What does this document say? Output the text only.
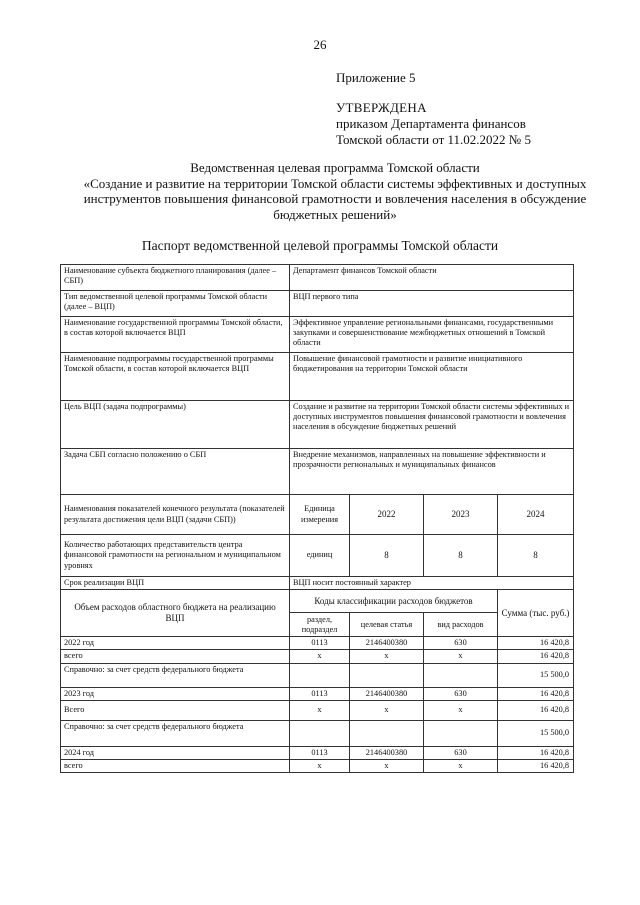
26
Приложение 5
УТВЕРЖДЕНА
приказом Департамента финансов
Томской области от 11.02.2022 № 5
Ведомственная целевая программа Томской области
«Создание и развитие на территории Томской области системы эффективных и доступных
инструментов повышения финансовой грамотности и вовлечения населения в обсуждение
бюджетных решений»
Паспорт ведомственной целевой программы Томской области
Наименование субъекта бюджетного планирования (далее – СБП)	Департамент финансов Томской области			
Тип ведомственной целевой программы Томской области (далее – ВЦП)	ВЦП первого типа			
Наименование государственной программы Томской области, в состав которой включается ВЦП	Эффективное управление региональными финансами, государственными закупками и совершенствование межбюджетных отношений в Томской области			
Наименование подпрограммы государственной программы Томской области, в состав которой включается ВЦП	Повышение финансовой грамотности и развитие инициативного бюджетирования на территории Томской области			
Цель ВЦП (задача подпрограммы)	Создание и развитие на территории Томской области системы эффективных и доступных инструментов повышения финансовой грамотности и вовлечения населения в обсуждение бюджетных решений			
Задача СБП согласно положению о СБП	Внедрение механизмов, направленных на повышение эффективности и прозрачности региональных и муниципальных финансов			
Наименования показателей конечного результата (показателей результата достижения цели ВЦП (задачи СБП))	Единица измерения	2022	2023	2024
Количество работающих представительств центра финансовой грамотности на региональном и муниципальном уровнях	единиц	8	8	8
Срок реализации ВЦП	ВЦП носит постоянный характер			
Объем расходов областного бюджета на реализацию ВЦП	Коды классификации расходов бюджетов			Сумма (тыс. руб.)
	раздел, подраздел	целевая статья	вид расходов	
2022 год	0113	2146400380	630	16 420,8
всего	х	х	х	16 420,8
Справочно: за счет средств федерального бюджета				15 500,0
2023 год	0113	2146400380	630	16 420,8
Всего	х	х	х	16 420,8
Справочно: за счет средств федерального бюджета				15 500,0
2024 год	0113	2146400380	630	16 420,8
всего	х	х	х	16 420,8
